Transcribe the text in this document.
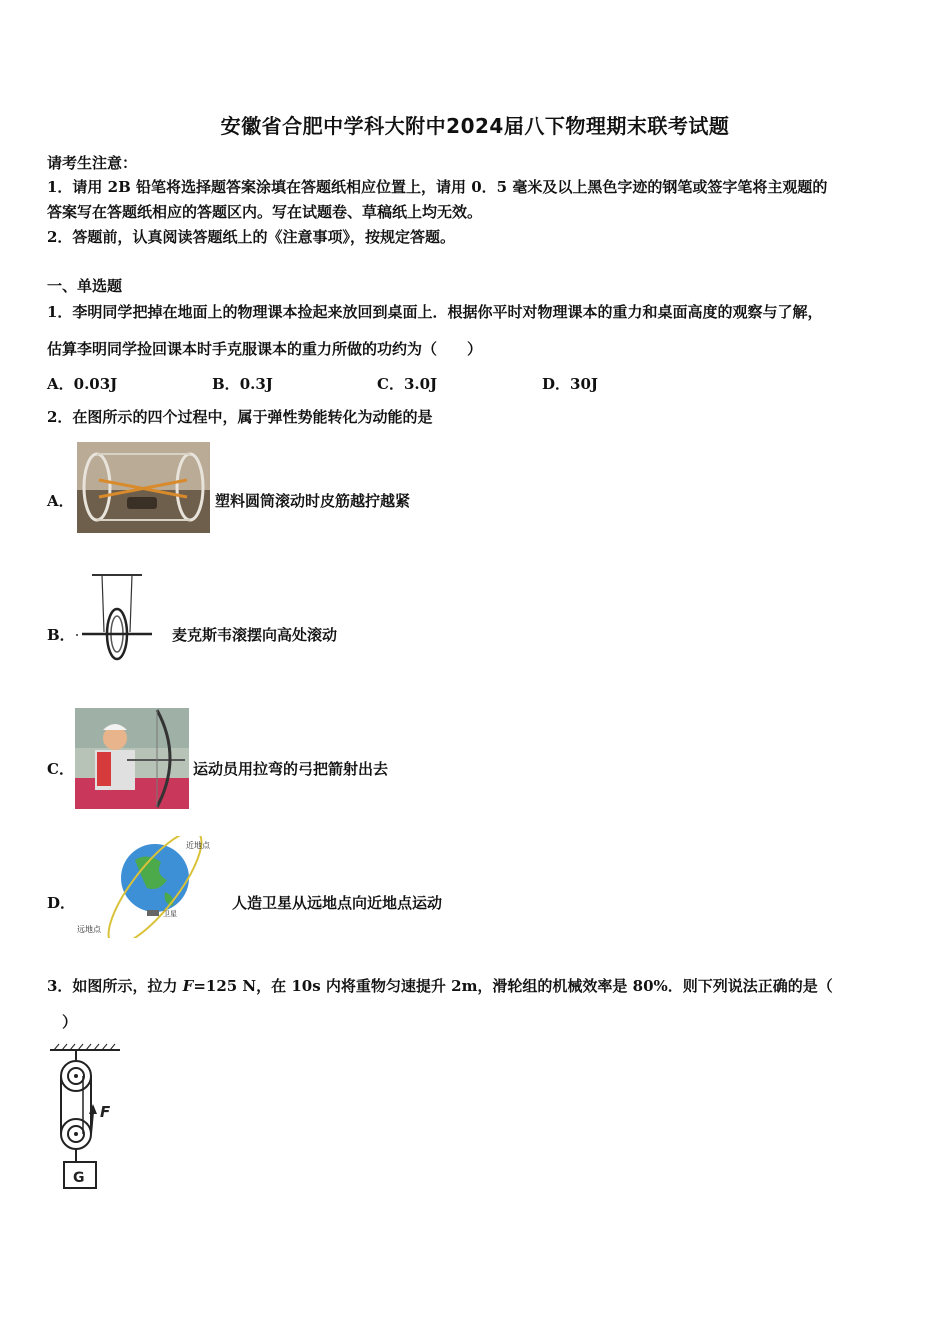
安徽省合肥中学科大附中2024届八下物理期末联考试题
请考生注意：
1．请用 2B 铅笔将选择题答案涂填在答题纸相应位置上，请用 0．5 毫米及以上黑色字迹的钢笔或签字笔将主观题的
答案写在答题纸相应的答题区内。写在试题卷、草稿纸上均无效。
2．答题前，认真阅读答题纸上的《注意事项》，按规定答题。
一、单选题
1．李明同学把掉在地面上的物理课本捡起来放回到桌面上．根据你平时对物理课本的重力和桌面高度的观察与了解，
估算李明同学捡回课本时手克服课本的重力所做的功约为（　　）
A．0.03J	B．0.3J	C．3.0J	D．30J
2．在图所示的四个过程中，属于弹性势能转化为动能的是
A．	塑料圆筒滚动时皮筋越拧越紧
B．	麦克斯韦滚摆向高处滚动
C．	运动员用拉弯的弓把箭射出去
D．
近地点
远地点
卫星
人造卫星从远地点向近地点运动
3．如图所示，拉力 F=125 N，在 10s 内将重物匀速提升 2m，滑轮组的机械效率是 80%．则下列说法正确的是（
）
F
G
